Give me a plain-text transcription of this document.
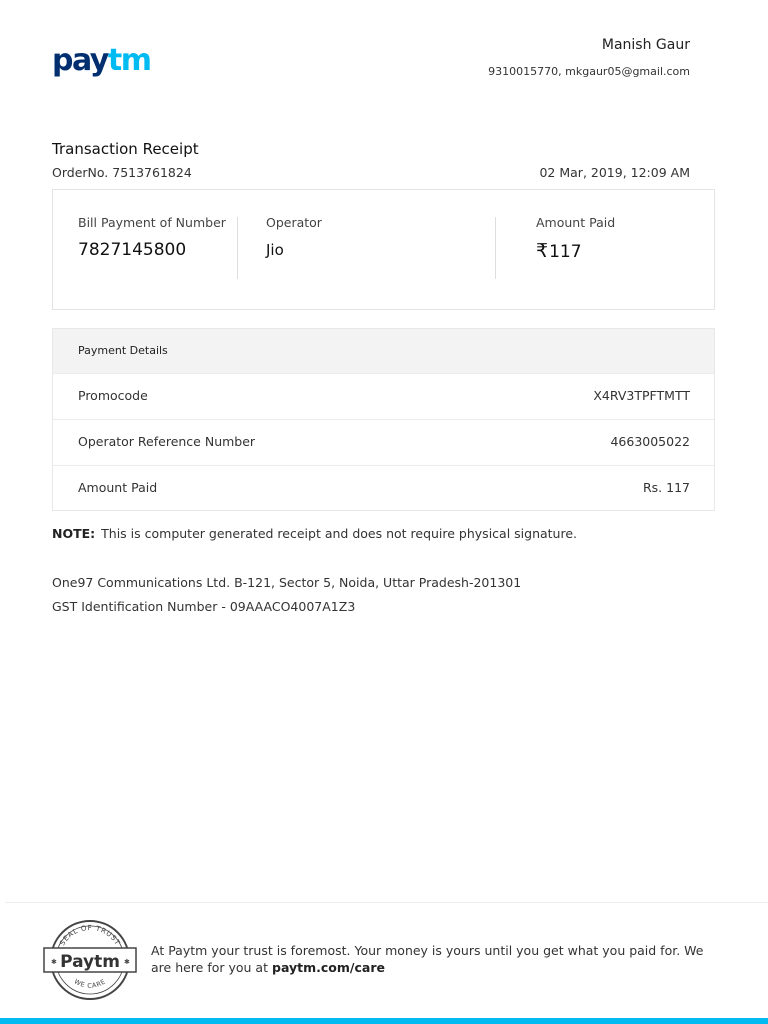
paytm	Manish Gaur
9310015770, mkgaur05@gmail.com
Transaction Receipt
OrderNo. 7513761824	02 Mar, 2019, 12:09 AM
Bill Payment of Number
7827145800
Operator
Jio
Amount Paid
₹117
Payment Details
Promocode	X4RV3TPFTMTT
Operator Reference Number	4663005022
Amount Paid	Rs. 117
NOTE: This is computer generated receipt and does not require physical signature.
One97 Communications Ltd. B-121, Sector 5, Noida, Uttar Pradesh-201301
GST Identification Number - 09AAACO4007A1Z3
SEAL OF TRUST
✱	✱
Paytm
WE CARE
At Paytm your trust is foremost. Your money is yours until you get what you paid for. We are here for you at paytm.com/care
